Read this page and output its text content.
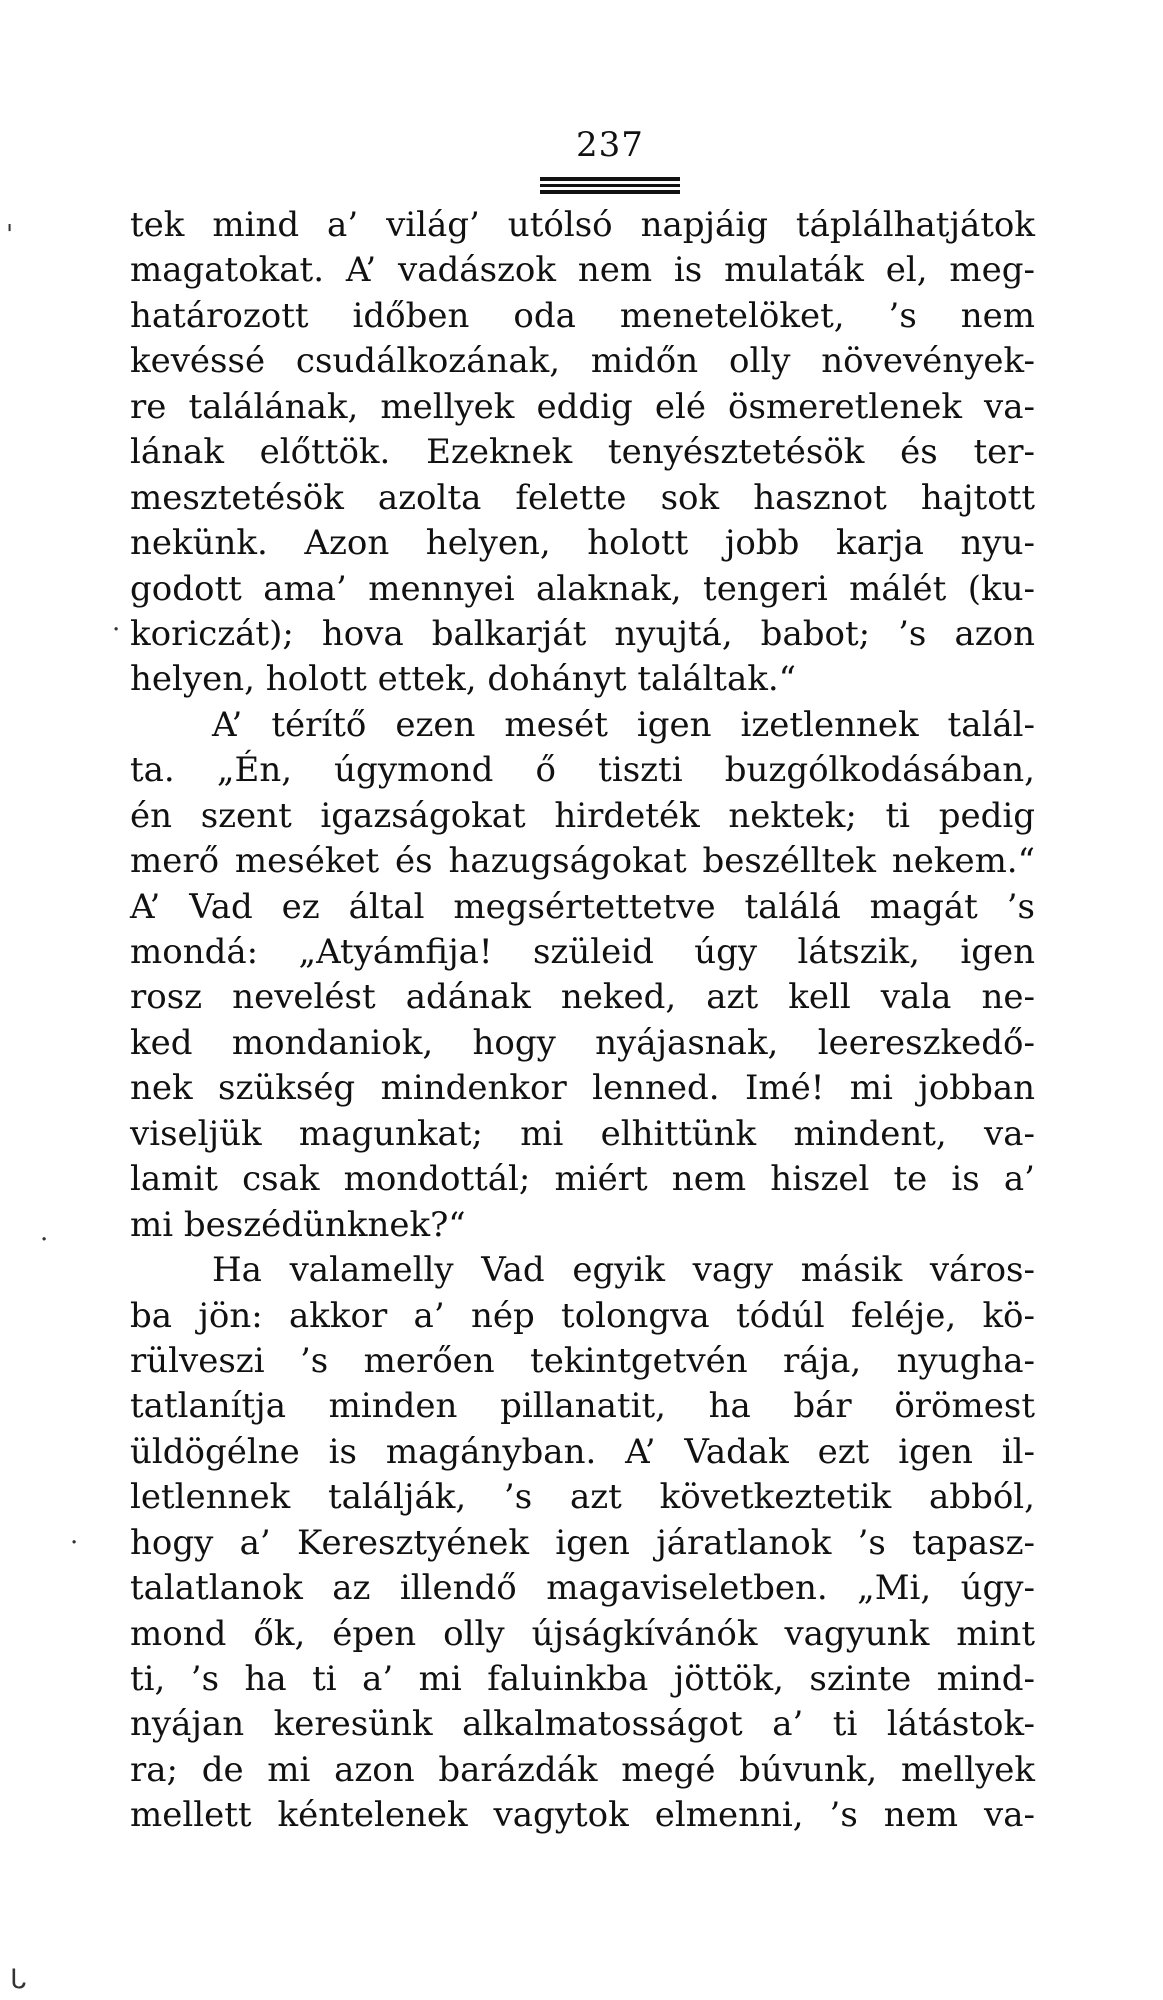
237
tek mind a’ világ’ utólsó napjáig táplálhatjátok
magatokat. A’ vadászok nem is mulaták el, meg-
határozott időben oda menetelöket, ’s nem
kevéssé csudálkozának, midőn olly növevények-
re találának, mellyek eddig elé ösmeretlenek va-
lának előttök. Ezeknek tenyésztetésök és ter-
mesztetésök azolta felette sok hasznot hajtott
nekünk. Azon helyen, holott jobb karja nyu-
godott ama’ mennyei alaknak, tengeri málét (ku-
koriczát); hova balkarját nyujtá, babot; ’s azon
helyen, holott ettek, dohányt találtak.“
A’ térítő ezen mesét igen izetlennek talál-
ta. „Én, úgymond ő tiszti buzgólkodásában,
én szent igazságokat hirdeték nektek; ti pedig
merő meséket és hazugságokat beszélltek nekem.“
A’ Vad ez által megsértettetve találá magát ’s
mondá: „Atyámfija! szüleid úgy látszik, igen
rosz nevelést adának neked, azt kell vala ne-
ked mondaniok, hogy nyájasnak, leereszkedő-
nek szükség mindenkor lenned. Imé! mi jobban
viseljük magunkat; mi elhittünk mindent, va-
lamit csak mondottál; miért nem hiszel te is a’
mi beszédünknek?“
Ha valamelly Vad egyik vagy másik város-
ba jön: akkor a’ nép tolongva tódúl feléje, kö-
rülveszi ’s merően tekintgetvén rája, nyugha-
tatlanítja minden pillanatit, ha bár örömest
üldögélne is magányban. A’ Vadak ezt igen il-
letlennek találják, ’s azt következtetik abból,
hogy a’ Keresztyének igen járatlanok ’s tapasz-
talatlanok az illendő magaviseletben. „Mi, úgy-
mond ők, épen olly újságkívánók vagyunk mint
ti, ’s ha ti a’ mi faluinkba jöttök, szinte mind-
nyájan keresünk alkalmatosságot a’ ti látástok-
ra; de mi azon barázdák megé búvunk, mellyek
mellett kéntelenek vagytok elmenni, ’s nem va-
'
·
·
·
ᒐ
